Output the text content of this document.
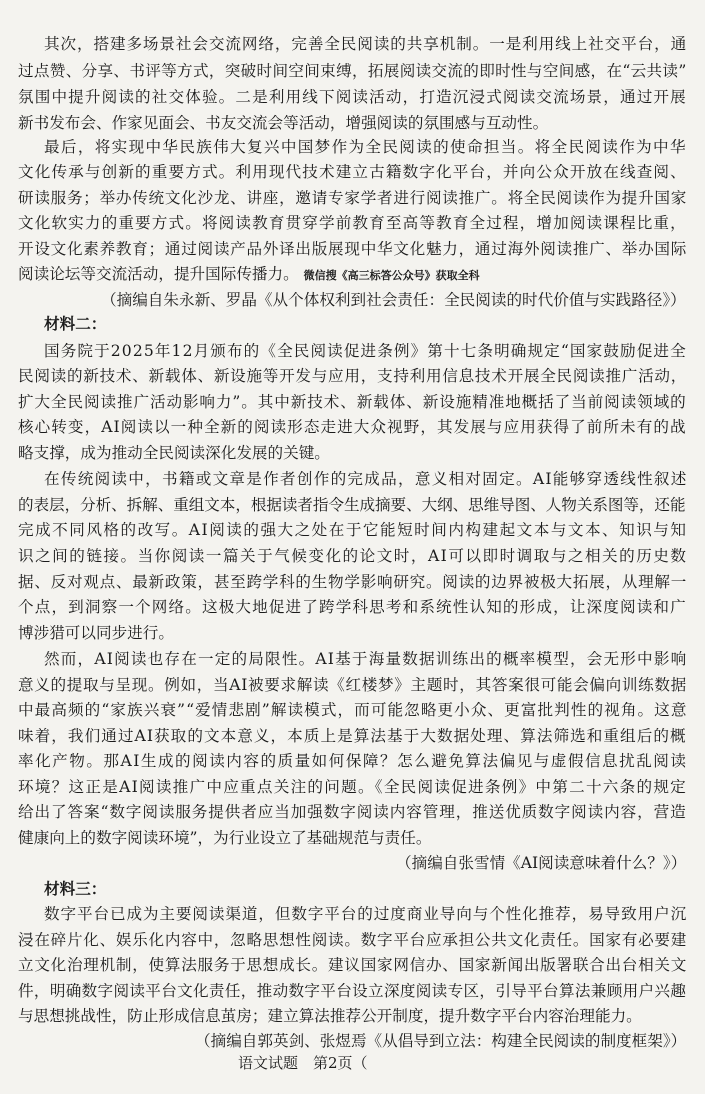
其次，搭建多场景社会交流网络，完善全民阅读的共享机制。一是利用线上社交平台，通
过点赞、分享、书评等方式，突破时间空间束缚，拓展阅读交流的即时性与空间感，在“云共读”
氛围中提升阅读的社交体验。二是利用线下阅读活动，打造沉浸式阅读交流场景，通过开展
新书发布会、作家见面会、书友交流会等活动，增强阅读的氛围感与互动性。
最后，将实现中华民族伟大复兴中国梦作为全民阅读的使命担当。将全民阅读作为中华
文化传承与创新的重要方式。利用现代技术建立古籍数字化平台，并向公众开放在线查阅、
研读服务；举办传统文化沙龙、讲座，邀请专家学者进行阅读推广。将全民阅读作为提升国家
文化软实力的重要方式。将阅读教育贯穿学前教育至高等教育全过程，增加阅读课程比重，
开设文化素养教育；通过阅读产品外译出版展现中华文化魅力，通过海外阅读推广、举办国际
阅读论坛等交流活动，提升国际传播力。 微信搜《高三标答公众号》获取全科
（摘编自朱永新、罗晶《从个体权利到社会责任：全民阅读的时代价值与实践路径》）
材料二：
国务院于2025年12月颁布的《全民阅读促进条例》第十七条明确规定“国家鼓励促进全
民阅读的新技术、新载体、新设施等开发与应用，支持利用信息技术开展全民阅读推广活动，
扩大全民阅读推广活动影响力”。其中新技术、新载体、新设施精准地概括了当前阅读领域的
核心转变，AI阅读以一种全新的阅读形态走进大众视野，其发展与应用获得了前所未有的战
略支撑，成为推动全民阅读深化发展的关键。
在传统阅读中，书籍或文章是作者创作的完成品，意义相对固定。AI能够穿透线性叙述
的表层，分析、拆解、重组文本，根据读者指令生成摘要、大纲、思维导图、人物关系图等，还能
完成不同风格的改写。AI阅读的强大之处在于它能短时间内构建起文本与文本、知识与知
识之间的链接。当你阅读一篇关于气候变化的论文时，AI可以即时调取与之相关的历史数
据、反对观点、最新政策，甚至跨学科的生物学影响研究。阅读的边界被极大拓展，从理解一
个点，到洞察一个网络。这极大地促进了跨学科思考和系统性认知的形成，让深度阅读和广
博涉猎可以同步进行。
然而，AI阅读也存在一定的局限性。AI基于海量数据训练出的概率模型，会无形中影响
意义的提取与呈现。例如，当AI被要求解读《红楼梦》主题时，其答案很可能会偏向训练数据
中最高频的“家族兴衰”“爱情悲剧”解读模式，而可能忽略更小众、更富批判性的视角。这意
味着，我们通过AI获取的文本意义，本质上是算法基于大数据处理、算法筛选和重组后的概
率化产物。那AI生成的阅读内容的质量如何保障？怎么避免算法偏见与虚假信息扰乱阅读
环境？这正是AI阅读推广中应重点关注的问题。《全民阅读促进条例》中第二十六条的规定
给出了答案“数字阅读服务提供者应当加强数字阅读内容管理，推送优质数字阅读内容，营造
健康向上的数字阅读环境”，为行业设立了基础规范与责任。
（摘编自张雪情《AI阅读意味着什么？》）
材料三：
数字平台已成为主要阅读渠道，但数字平台的过度商业导向与个性化推荐，易导致用户沉
浸在碎片化、娱乐化内容中，忽略思想性阅读。数字平台应承担公共文化责任。国家有必要建
立文化治理机制，使算法服务于思想成长。建议国家网信办、国家新闻出版署联合出台相关文
件，明确数字阅读平台文化责任，推动数字平台设立深度阅读专区，引导平台算法兼顾用户兴趣
与思想挑战性，防止形成信息茧房；建立算法推荐公开制度，提升数字平台内容治理能力。
（摘编自郭英剑、张煜焉《从倡导到立法：构建全民阅读的制度框架》）
语文试题　第2页（
